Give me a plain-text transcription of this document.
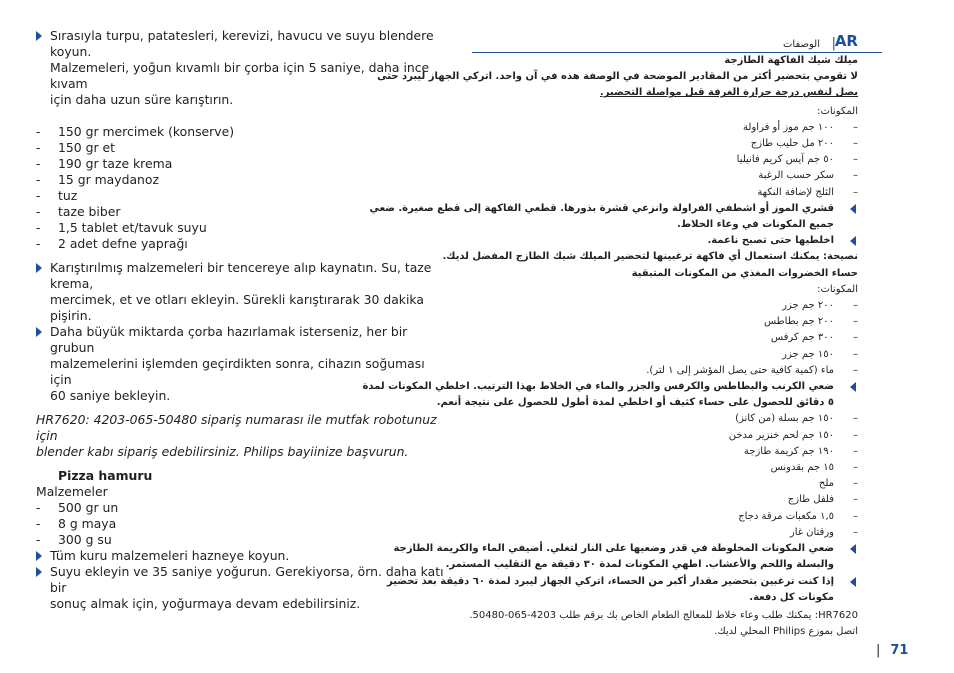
Sırasıyla turpu, patatesleri, kerevizi, havucu ve suyu blendere koyun.
Malzemeleri, yoğun kıvamlı bir çorba için 5 saniye, daha ince kıvam
için daha uzun süre karıştırın.
- 150 gr mercimek (konserve)
- 150 gr et
- 190 gr taze krema
- 15 gr maydanoz
- tuz
- taze biber
- 1,5 tablet et/tavuk suyu
- 2 adet defne yaprağı
Karıştırılmış malzemeleri bir tencereye alıp kaynatın. Su, taze krema,
mercimek, et ve otları ekleyin. Sürekli karıştırarak 30 dakika pişirin.
Daha büyük miktarda çorba hazırlamak isterseniz, her bir grubun
malzemelerini işlemden geçirdikten sonra, cihazın soğuması için
60 saniye bekleyin.
HR7620: 4203-065-50480 sipariş numarası ile mutfak robotunuz için
blender kabı sipariş edebilirsiniz. Philips bayiinize başvurun.
Pizza hamuru
Malzemeler
- 500 gr un
- 8 g maya
- 300 g su
Tüm kuru malzemeleri hazneye koyun.
Suyu ekleyin ve 35 saniye yoğurun. Gerekiyorsa, örn. daha katı bir
sonuç almak için, yoğurmaya devam edebilirsiniz.
الوصفات |
AR
ميلك شيك الفاكهة الطازجة
لا تقومي بتحضير أكثر من المقادير الموضحة في الوصفة هذه في آن واحد. اتركي الجهاز ليبرد حتى
يصل لنفس درجة حرارة الغرفة قبل مواصلة التحضير.
المكونات:
–
١٠٠ جم موز أو فراولة
–
٢٠٠ مل حليب طازج
–
٥٠ جم آيس كريم فانيليا
–
سكر حسب الرغبة
–
الثلج لإضافة النكهة
قشري الموز أو اشطفي الفراولة وانزعي قشرة بذورها. قطعي الفاكهة إلى قطع صغيرة. ضعي
جميع المكونات في وعاء الخلاط.
اخلطيها حتى تصبح ناعمة.
نصيحة: يمكنك استعمال أي فاكهة ترغبينها لتحضير الميلك شيك الطازج المفضل لديك.
حساء الخضروات المغذي من المكونات المتبقية
المكونات:
–
٢٠٠ جم جزر
–
٢٠٠ جم بطاطس
–
٣٠٠ جم كرفس
–
١٥٠ جم جزر
–
ماء (كمية كافية حتى يصل المؤشر إلى ١ لتر).
ضعي الكرنب والبطاطس والكرفس والجزر والماء في الخلاط بهذا الترتيب. اخلطي المكونات لمدة
٥ دقائق للحصول على حساء كثيف أو اخلطي لمدة أطول للحصول على نتيجة أنعم.
–
١٥٠ جم بسلة (من كانز)
–
١٥٠ جم لحم خنزير مدخن
–
١٩٠ جم كريمة طازجة
–
١٥ جم بقدونس
–
ملح
–
فلفل طازج
–
١,٥ مكعبات مرقة دجاج
–
ورقتان غار
ضعي المكونات المخلوطة في قدر وضعيها على النار لتغلي. أضيفي الماء والكريمة الطازجة
والبسلة واللحم والأعشاب. اطهي المكونات لمدة ٣٠ دقيقة مع التقليب المستمر.
إذا كنت ترغبين بتحضير مقدار أكبر من الحساء، اتركي الجهاز ليبرد لمدة ٦٠ دقيقة بعد تحضير
مكونات كل دفعة.
HR7620: يمكنك طلب وعاء خلاط للمعالج الطعام الخاص بك برقم طلب 4203-065-50480.
اتصل بموزع Philips المحلي لديك.
| 71
